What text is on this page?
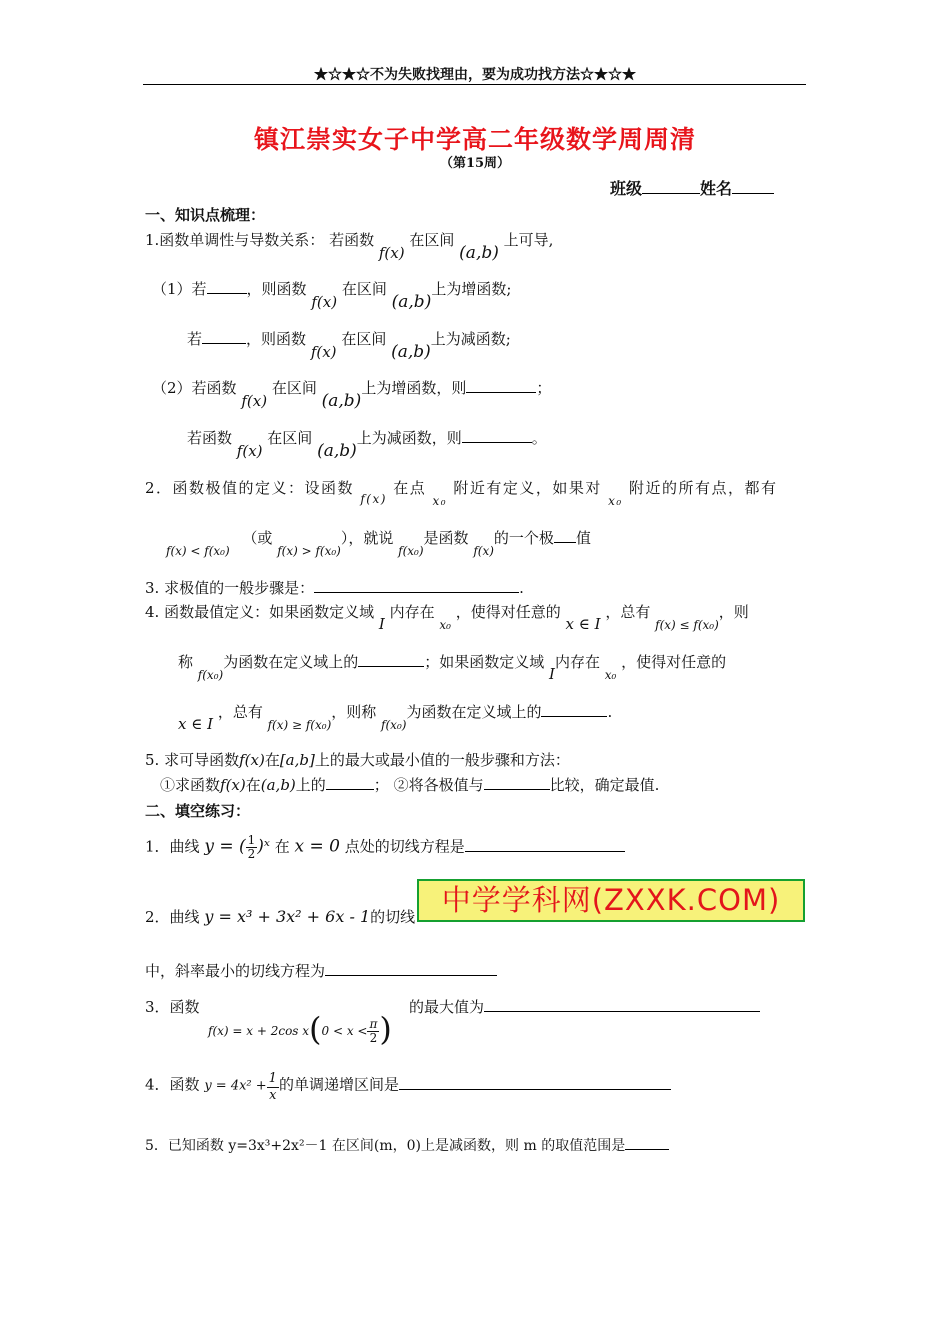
★☆★☆不为失败找理由，要为成功找方法☆★☆★
镇江崇实女子中学高二年级数学周周清
（第15周）
班级	姓名
一、知识点梳理：
1.函数单调性与导数关系： 若函数 f(x) 在区间 (a,b) 上可导,
（1）若	，则函数 f(x) 在区间 (a,b)上为增函数;
若	，则函数 f(x) 在区间 (a,b)上为减函数;
（2）若函数 f(x) 在区间 (a,b)上为增函数，则	；
若函数 f(x) 在区间 (a,b)上为减函数，则	。
2．函数极值的定义：设函数 $_{f(x)}$ 在点 $_{x_0}$ 附近有定义，如果对 $_{x_0}$ 附近的所有点，都有
$_{f(x) < f(x_0)}$ （或 $_{f(x) > f(x_0)}$），就说 $_{f(x_0)}$是函数 $_{f(x)}$的一个极 值
3. 求极值的一般步骤是：	.
4. 函数最值定义：如果函数定义域 I 内存在 $_{x_0}$ ，使得对任意的 x ∈ I ，总有 $_{f(x) \le f(x_0)}$，则
称 $_{f(x_0)}$为函数在定义域上的	；如果函数定义域 I内存在 $_{x_0}$ ，使得对任意的
x ∈ I ，总有 $_{f(x) \ge f(x_0)}$，则称 $_{f(x_0)}$为函数在定义域上的	.
5. 求可导函数f(x)在[a,b]上的最大或最小值的一般步骤和方法：
①求函数f(x)在(a,b)上的	； ②将各极值与	比较，确定最值.
二、填空练习：
1．曲线 y = ( $\frac{1}{2}$ )ˣ 在 x = 0 点处的切线方程是
2．曲线 y = x³ + 3x² + 6x - 1的切线 中学学科网(ZXXK.COM)
中，斜率最小的切线方程为
3．函数
f(x) = x + 2cos $x(0 < x < \frac{\pi}{2}$ )
的最大值为
4．函数 $y = 4x^2 + \frac{1}{x}$ 的单调递增区间是
5．已知函数 y=3x³+2x²－1 在区间(m，0)上是减函数，则 m 的取值范围是
